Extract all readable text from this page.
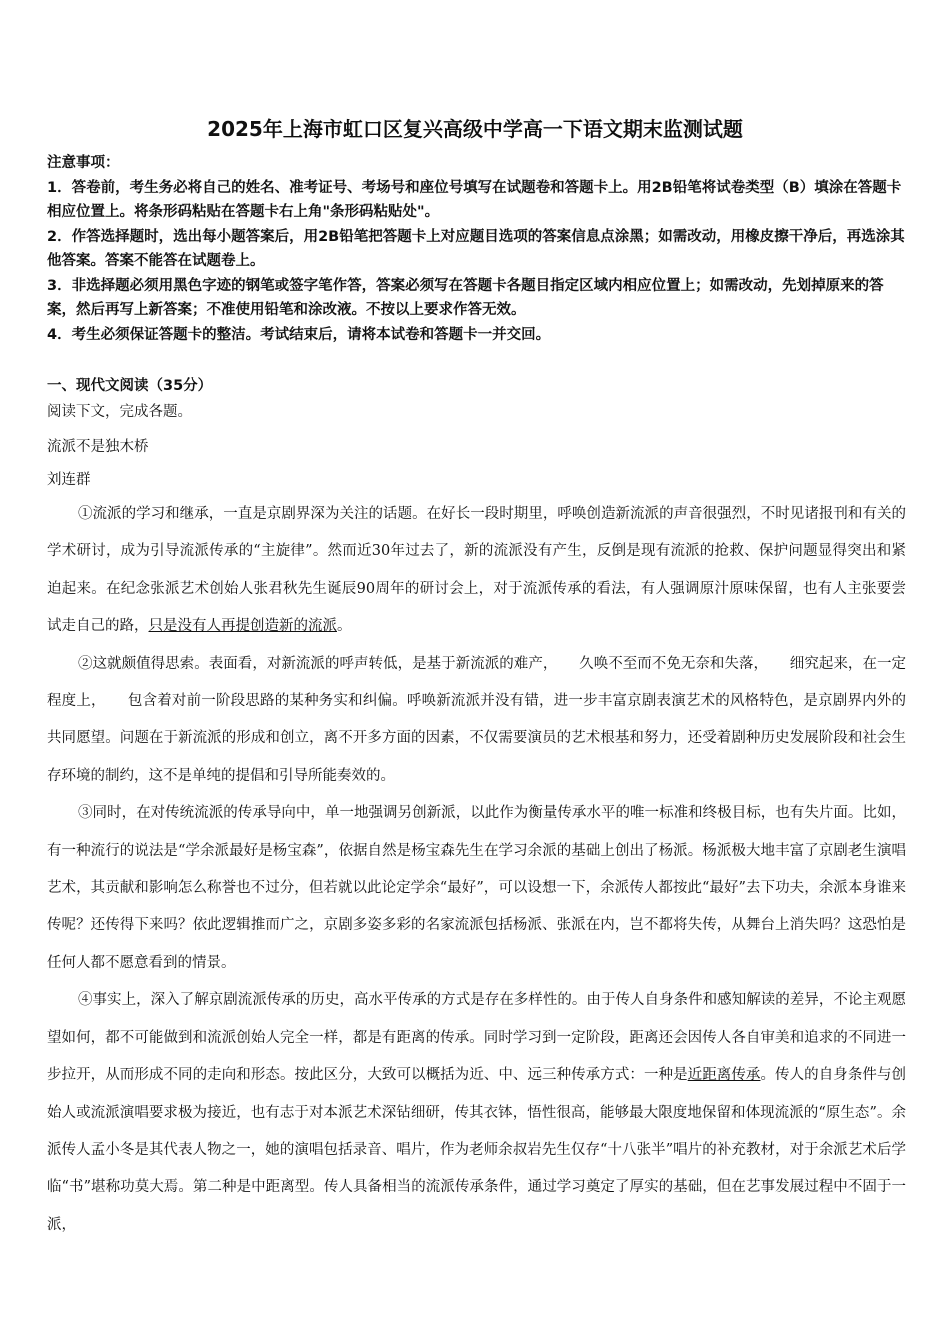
2025年上海市虹口区复兴高级中学高一下语文期末监测试题

注意事项：

1．答卷前，考生务必将自己的姓名、准考证号、考场号和座位号填写在试题卷和答题卡上。用2B铅笔将试卷类型（B）填涂在答题卡相应位置上。将条形码粘贴在答题卡右上角"条形码粘贴处"。

2．作答选择题时，选出每小题答案后，用2B铅笔把答题卡上对应题目选项的答案信息点涂黑；如需改动，用橡皮擦干净后，再选涂其他答案。答案不能答在试题卷上。

3．非选择题必须用黑色字迹的钢笔或签字笔作答，答案必须写在答题卡各题目指定区域内相应位置上；如需改动，先划掉原来的答案，然后再写上新答案；不准使用铅笔和涂改液。不按以上要求作答无效。

4．考生必须保证答题卡的整洁。考试结束后，请将本试卷和答题卡一并交回。

一、现代文阅读（35分）
阅读下文，完成各题。
流派不是独木桥
刘连群

①流派的学习和继承，一直是京剧界深为关注的话题。在好长一段时期里，呼唤创造新流派的声音很强烈，不时见诸报刊和有关的学术研讨，成为引导流派传承的“主旋律”。然而近30年过去了，新的流派没有产生，反倒是现有流派的抢救、保护问题显得突出和紧迫起来。在纪念张派艺术创始人张君秋先生诞辰90周年的研讨会上，对于流派传承的看法，有人强调原汁原味保留，也有人主张要尝试走自己的路，只是没有人再提创造新的流派。

②这就颇值得思索。表面看，对新流派的呼声转低，是基于新流派的难产，　　久唤不至而不免无奈和失落，　　细究起来，在一定程度上，　　包含着对前一阶段思路的某种务实和纠偏。呼唤新流派并没有错，进一步丰富京剧表演艺术的风格特色，是京剧界内外的共同愿望。问题在于新流派的形成和创立，离不开多方面的因素，不仅需要演员的艺术根基和努力，还受着剧种历史发展阶段和社会生存环境的制约，这不是单纯的提倡和引导所能奏效的。

③同时，在对传统流派的传承导向中，单一地强调另创新派，以此作为衡量传承水平的唯一标准和终极目标，也有失片面。比如，有一种流行的说法是“学余派最好是杨宝森”，依据自然是杨宝森先生在学习余派的基础上创出了杨派。杨派极大地丰富了京剧老生演唱艺术，其贡献和影响怎么称誉也不过分，但若就以此论定学余“最好”，可以设想一下，余派传人都按此“最好”去下功夫，余派本身谁来传呢？还传得下来吗？依此逻辑推而广之，京剧多姿多彩的名家流派包括杨派、张派在内，岂不都将失传，从舞台上消失吗？这恐怕是任何人都不愿意看到的情景。

④事实上，深入了解京剧流派传承的历史，高水平传承的方式是存在多样性的。由于传人自身条件和感知解读的差异，不论主观愿望如何，都不可能做到和流派创始人完全一样，都是有距离的传承。同时学习到一定阶段，距离还会因传人各自审美和追求的不同进一步拉开，从而形成不同的走向和形态。按此区分，大致可以概括为近、中、远三种传承方式：一种是近距离传承。传人的自身条件与创始人或流派演唱要求极为接近，也有志于对本派艺术深钻细研，传其衣钵，悟性很高，能够最大限度地保留和体现流派的“原生态”。余派传人孟小冬是其代表人物之一，她的演唱包括录音、唱片，作为老师余叔岩先生仅存“十八张半”唱片的补充教材，对于余派艺术后学临“书”堪称功莫大焉。第二种是中距离型。传人具备相当的流派传承条件，通过学习奠定了厚实的基础，但在艺事发展过程中不固于一派，
